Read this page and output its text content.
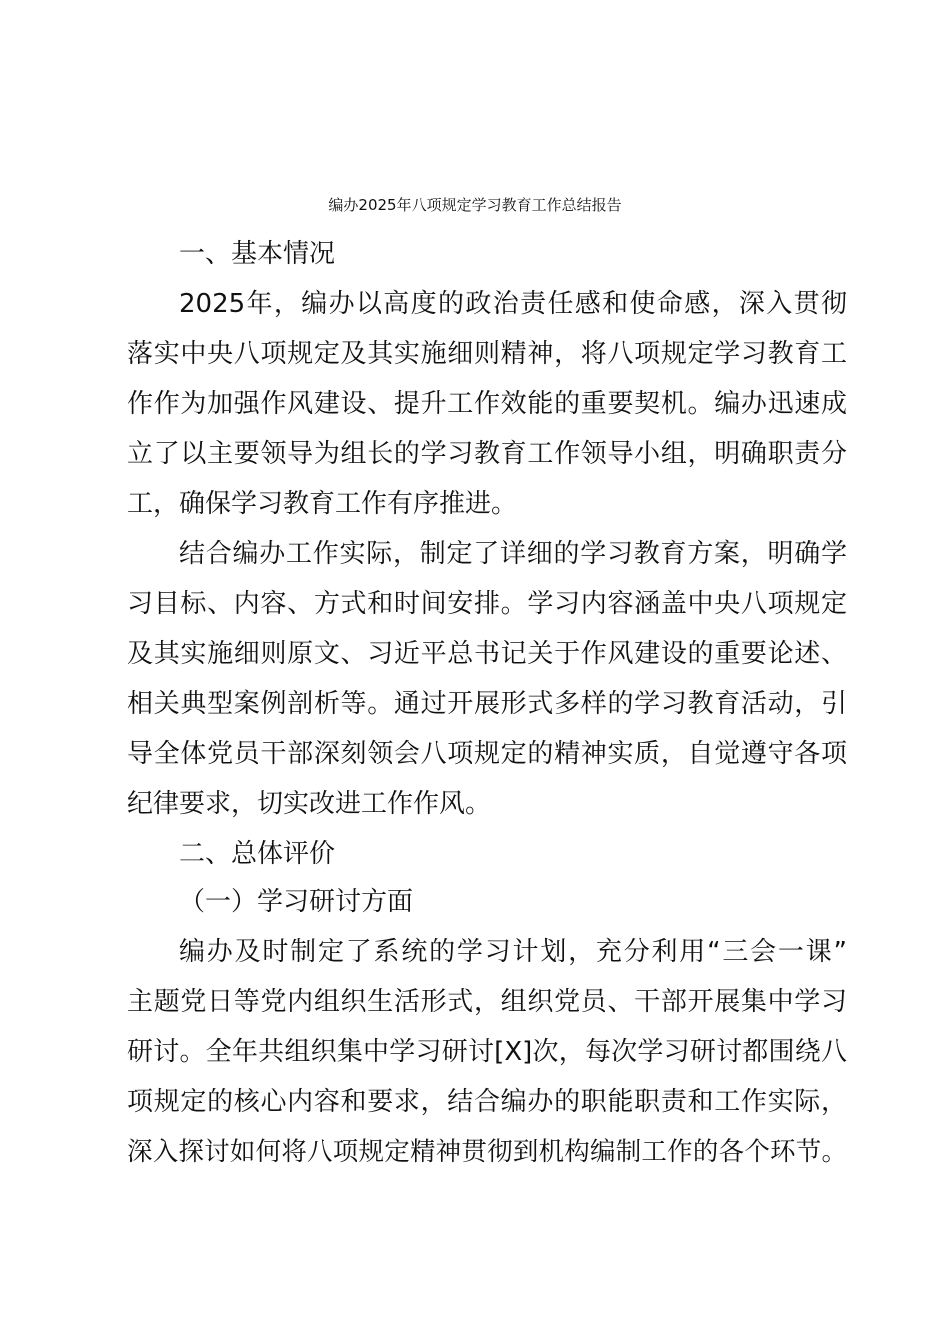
编办2025年八项规定学习教育工作总结报告
一、基本情况
2025年，编办以高度的政治责任感和使命感，深入贯彻
落实中央八项规定及其实施细则精神，将八项规定学习教育工
作作为加强作风建设、提升工作效能的重要契机。编办迅速成
立了以主要领导为组长的学习教育工作领导小组，明确职责分
工，确保学习教育工作有序推进。
结合编办工作实际，制定了详细的学习教育方案，明确学
习目标、内容、方式和时间安排。学习内容涵盖中央八项规定
及其实施细则原文、习近平总书记关于作风建设的重要论述、
相关典型案例剖析等。通过开展形式多样的学习教育活动，引
导全体党员干部深刻领会八项规定的精神实质，自觉遵守各项
纪律要求，切实改进工作作风。
二、总体评价
（一）学习研讨方面
编办及时制定了系统的学习计划，充分利用“三会一课”
主题党日等党内组织生活形式，组织党员、干部开展集中学习
研讨。全年共组织集中学习研讨[X]次，每次学习研讨都围绕八
项规定的核心内容和要求，结合编办的职能职责和工作实际，
深入探讨如何将八项规定精神贯彻到机构编制工作的各个环节。
